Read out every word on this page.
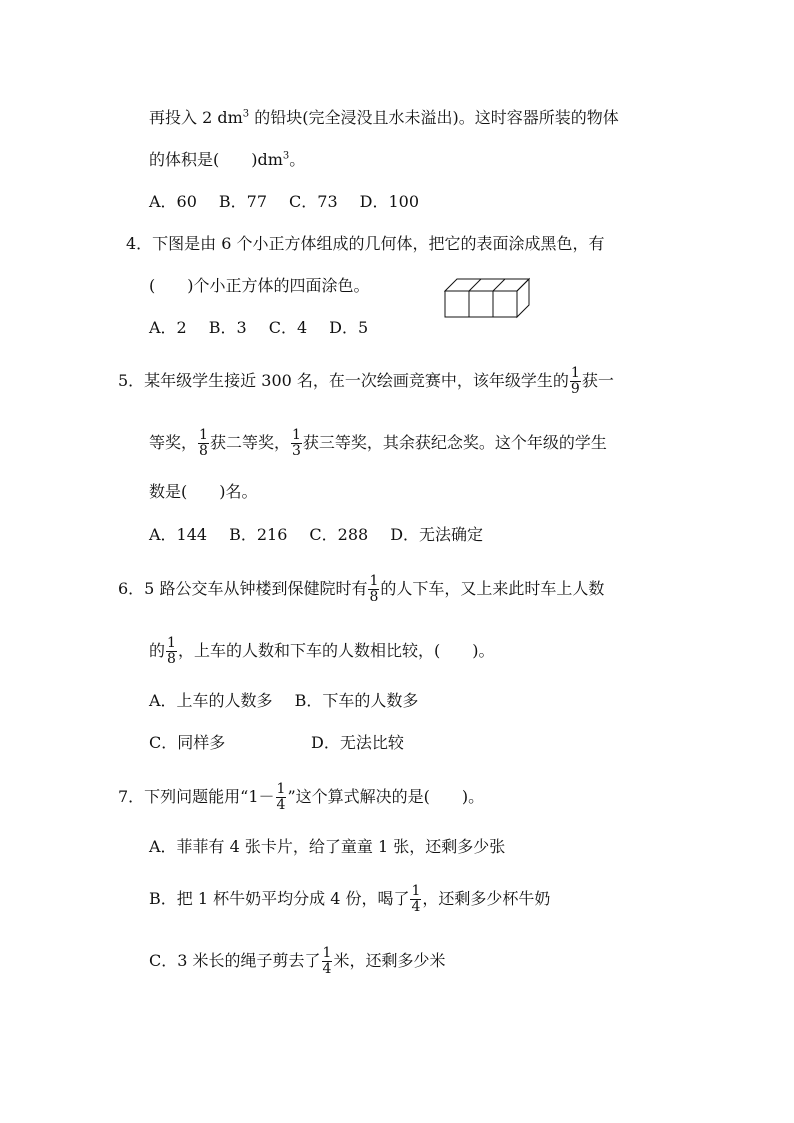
再投入 2 $dm^3$ 的铅块(完全浸没且水未溢出)。这时容器所装的物体
的体积是(　　 )$dm^3$。
A．60 B．77 C．73 D．100
4．下图是由 6 个小正方体组成的几何体，把它的表面涂成黑色，有
(　　 )个小正方体的四面涂色。
A．2 B．3 C．4 D．5
5．某年级学生接近 300 名，在一次绘画竞赛中，该年级学生的 $\frac{1}{9}$ 获一
等奖， $\frac{1}{8}$ 获二等奖， $\frac{1}{3}$ 获三等奖，其余获纪念奖。这个年级的学生
数是(　　 )名。
A．144 B．216 C．288 D．无法确定
6．5 路公交车从钟楼到保健院时有 $\frac{1}{8}$ 的人下车，又上来此时车上人数
的 $\frac{1}{8}$ ，上车的人数和下车的人数相比较，(　　 )。
A．上车的人数多 B．下车的人数多
C．同样多	D．无法比较
7．下列问题能用“$1- \frac{1}{4}$ ”这个算式解决的是(　　 )。
A．菲菲有 4 张卡片，给了童童 1 张，还剩多少张
B．把 1 杯牛奶平均分成 4 份，喝了 $\frac{1}{4}$ ，还剩多少杯牛奶
C．3 米长的绳子剪去了 $\frac{1}{4}$ 米，还剩多少米
